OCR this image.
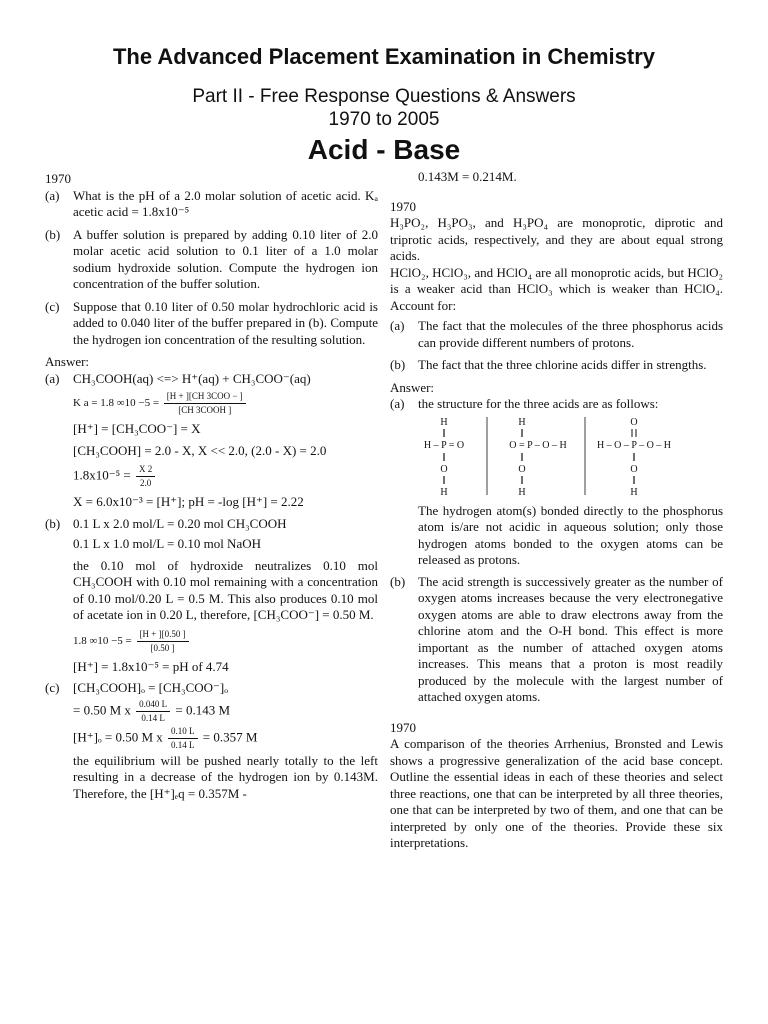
The Advanced Placement Examination in Chemistry
Part II - Free Response Questions & Answers
1970 to 2005
Acid - Base

1970

(a) What is the pH of a 2.0 molar solution of acetic acid. Kₐ acetic acid = 1.8x10⁻⁵
(b) A buffer solution is prepared by adding 0.10 liter of 2.0 molar acetic acid solution to 0.1 liter of a 1.0 molar sodium hydroxide solution. Compute the hydrogen ion concentration of the buffer solution.
(c) Suppose that 0.10 liter of 0.50 molar hydrochloric acid is added to 0.040 liter of the buffer prepared in (b). Compute the hydrogen ion concentration of the resulting solution.

Answer:

(a) CH₃COOH(aq) <=> H⁺(aq) + CH₃COO⁻(aq)
K a = 1.8 $\infty 10 -5 = \frac{\text{[H + ][CH 3COO − ]}}{\text{[CH 3COOH ]}}$

[H⁺] = [CH₃COO⁻] = X

[CH₃COOH] = 2.0 - X, X << 2.0, (2.0 - X) = 2.0

$1.8x10^{-5} = \frac{X 2}{2.0}$

X = 6.0x10⁻³ = [H⁺]; pH = -log [H⁺] = 2.22

(b) 0.1 L x 2.0 mol/L = 0.20 mol CH₃COOH

0.1 L x 1.0 mol/L = 0.10 mol NaOH

the 0.10 mol of hydroxide neutralizes 0.10 mol CH₃COOH with 0.10 mol remaining with a concentration of 0.10 mol/0.20 L = 0.5 M. This also produces 0.10 mol of acetate ion in 0.20 L, therefore, [CH₃COO⁻] = 0.50 M.

1.8 $\infty 10 -5 = \frac{[H + ][0.50 ]}{[0.50 ]}$

[H⁺] = 1.8x10⁻⁵ = pH of 4.74

(c) [CH₃COOH]ₒ = [CH₃COO⁻]ₒ
= 0.50 M x $\frac{0.040 L}{0.14 L} = 0.143$ M
[H⁺]ₒ = 0.50 M x $\frac{0.10 L}{0.14 L} = 0.357$ M

the equilibrium will be pushed nearly totally to the left resulting in a decrease of the hydrogen ion by 0.143M. Therefore, the [H⁺]ₑq = 0.357M -

0.143M = 0.214M.

1970

H₃PO₂, H₃PO₃, and H₃PO₄ are monoprotic, diprotic and triprotic acids, respectively, and they are about equal strong acids.

HClO₂, HClO₃, and HClO₄ are all monoprotic acids, but HClO₂ is a weaker acid than HClO₃ which is weaker than HClO₄. Account for:

(a) The fact that the molecules of the three phosphorus acids can provide different numbers of protons.
(b) The fact that the three chlorine acids differ in strengths.

Answer:

(a) the structure for the three acids are as follows:
H
H – P = O
O
H
H
O = P – O – H
O
H
O
H – O – P – O – H
O
H

The hydrogen atom(s) bonded directly to the phosphorus atom is/are not acidic in aqueous solution; only those hydrogen atoms bonded to the oxygen atoms can be released as protons.

(b) The acid strength is successively greater as the number of oxygen atoms increases because the very electronegative oxygen atoms are able to draw electrons away from the chlorine atom and the O-H bond. This effect is more important as the number of attached oxygen atoms increases. This means that a proton is most readily produced by the molecule with the largest number of attached oxygen atoms.

1970

A comparison of the theories Arrhenius, Bronsted and Lewis shows a progressive generalization of the acid base concept. Outline the essential ideas in each of these theories and select three reactions, one that can be interpreted by all three theories, one that can be interpreted by two of them, and one that can be interpreted by only one of the theories. Provide these six interpretations.
